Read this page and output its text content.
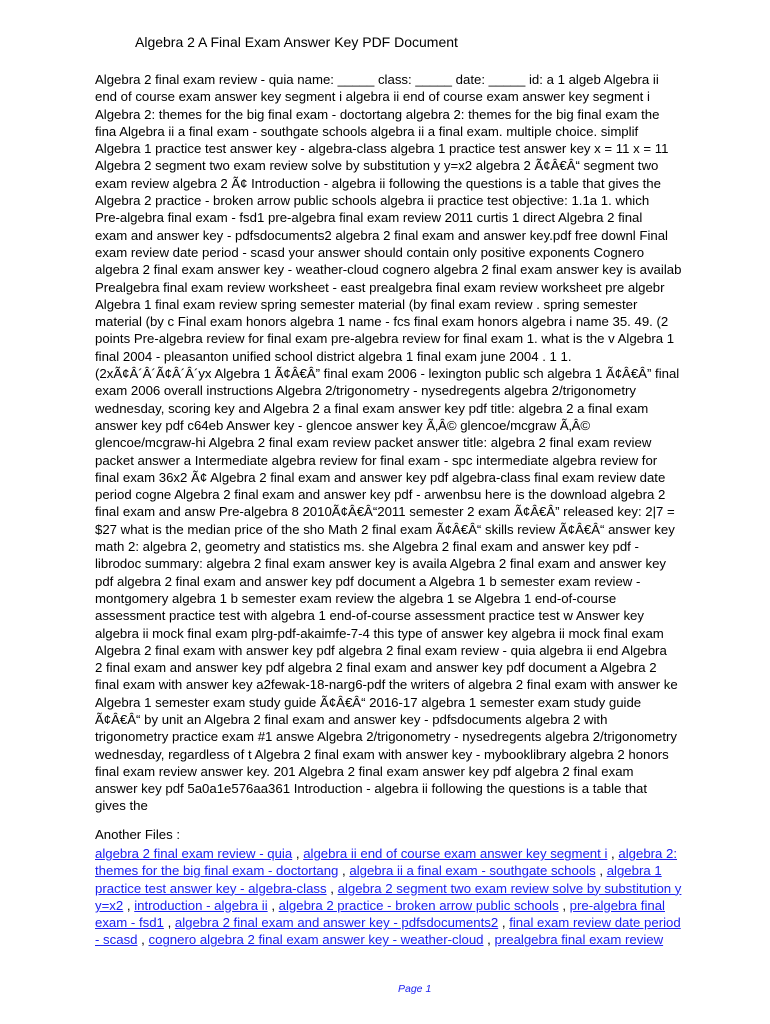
Algebra 2 A Final Exam Answer Key PDF Document
Algebra 2 final exam review - quia name: _____ class: _____ date: _____ id: a 1 algeb Algebra ii
end of course exam answer key segment i algebra ii end of course exam answer key segment i
Algebra 2: themes for the big final exam - doctortang algebra 2: themes for the big final exam the
fina Algebra ii a final exam - southgate schools algebra ii a final exam. multiple choice. simplif
Algebra 1 practice test answer key - algebra-class algebra 1 practice test answer key x = 11 x = 11
Algebra 2 segment two exam review solve by substitution y y=x2 algebra 2 Ã¢Â€Â“ segment two
exam review algebra 2 Ã¢ Introduction - algebra ii following the questions is a table that gives the
Algebra 2 practice - broken arrow public schools algebra ii practice test objective: 1.1a 1. which
Pre-algebra final exam - fsd1 pre-algebra final exam review 2011 curtis 1 direct Algebra 2 final
exam and answer key - pdfsdocuments2 algebra 2 final exam and answer key.pdf free downl Final
exam review date period - scasd your answer should contain only positive exponents Cognero
algebra 2 final exam answer key - weather-cloud cognero algebra 2 final exam answer key is availab
Prealgebra final exam review worksheet - east prealgebra final exam review worksheet pre algebr
Algebra 1 final exam review spring semester material (by final exam review . spring semester
material (by c Final exam honors algebra 1 name - fcs final exam honors algebra i name 35. 49. (2
points Pre-algebra review for final exam pre-algebra review for final exam 1. what is the v Algebra 1
final 2004 - pleasanton unified school district algebra 1 final exam june 2004 . 1 1.
(2xÃ¢Â´Â´Ã¢Â´Â´yx Algebra 1 Ã¢Â€Â” final exam 2006 - lexington public sch algebra 1 Ã¢Â€Â” final
exam 2006 overall instructions Algebra 2/trigonometry - nysedregents algebra 2/trigonometry
wednesday, scoring key and Algebra 2 a final exam answer key pdf title: algebra 2 a final exam
answer key pdf c64eb Answer key - glencoe answer key Ã‚Â© glencoe/mcgraw Ã‚Â©
glencoe/mcgraw-hi Algebra 2 final exam review packet answer title: algebra 2 final exam review
packet answer a Intermediate algebra review for final exam - spc intermediate algebra review for
final exam 36x2 Ã¢ Algebra 2 final exam and answer key pdf algebra-class final exam review date
period cogne Algebra 2 final exam and answer key pdf - arwenbsu here is the download algebra 2
final exam and answ Pre-algebra 8 2010Ã¢Â€Â“2011 semester 2 exam Ã¢Â€Â” released key: 2|7 =
$27 what is the median price of the sho Math 2 final exam Ã¢Â€Â“ skills review Ã¢Â€Â“ answer key
math 2: algebra 2, geometry and statistics ms. she Algebra 2 final exam and answer key pdf -
librodoc summary: algebra 2 final exam answer key is availa Algebra 2 final exam and answer key
pdf algebra 2 final exam and answer key pdf document a Algebra 1 b semester exam review -
montgomery algebra 1 b semester exam review the algebra 1 se Algebra 1 end-of-course
assessment practice test with algebra 1 end-of-course assessment practice test w Answer key
algebra ii mock final exam plrg-pdf-akaimfe-7-4 this type of answer key algebra ii mock final exam
Algebra 2 final exam with answer key pdf algebra 2 final exam review - quia algebra ii end Algebra
2 final exam and answer key pdf algebra 2 final exam and answer key pdf document a Algebra 2
final exam with answer key a2fewak-18-narg6-pdf the writers of algebra 2 final exam with answer ke
Algebra 1 semester exam study guide Ã¢Â€Â“ 2016-17 algebra 1 semester exam study guide
Ã¢Â€Â“ by unit an Algebra 2 final exam and answer key - pdfsdocuments algebra 2 with
trigonometry practice exam #1 answe Algebra 2/trigonometry - nysedregents algebra 2/trigonometry
wednesday, regardless of t Algebra 2 final exam with answer key - mybooklibrary algebra 2 honors
final exam review answer key. 201 Algebra 2 final exam answer key pdf algebra 2 final exam
answer key pdf 5a0a1e576aa361 Introduction - algebra ii following the questions is a table that
gives the
Another Files :
algebra 2 final exam review - quia , algebra ii end of course exam answer key segment i , algebra 2:
themes for the big final exam - doctortang , algebra ii a final exam - southgate schools , algebra 1
practice test answer key - algebra-class , algebra 2 segment two exam review solve by substitution y
y=x2 , introduction - algebra ii , algebra 2 practice - broken arrow public schools , pre-algebra final
exam - fsd1 , algebra 2 final exam and answer key - pdfsdocuments2 , final exam review date period
- scasd , cognero algebra 2 final exam answer key - weather-cloud , prealgebra final exam review
Page 1
